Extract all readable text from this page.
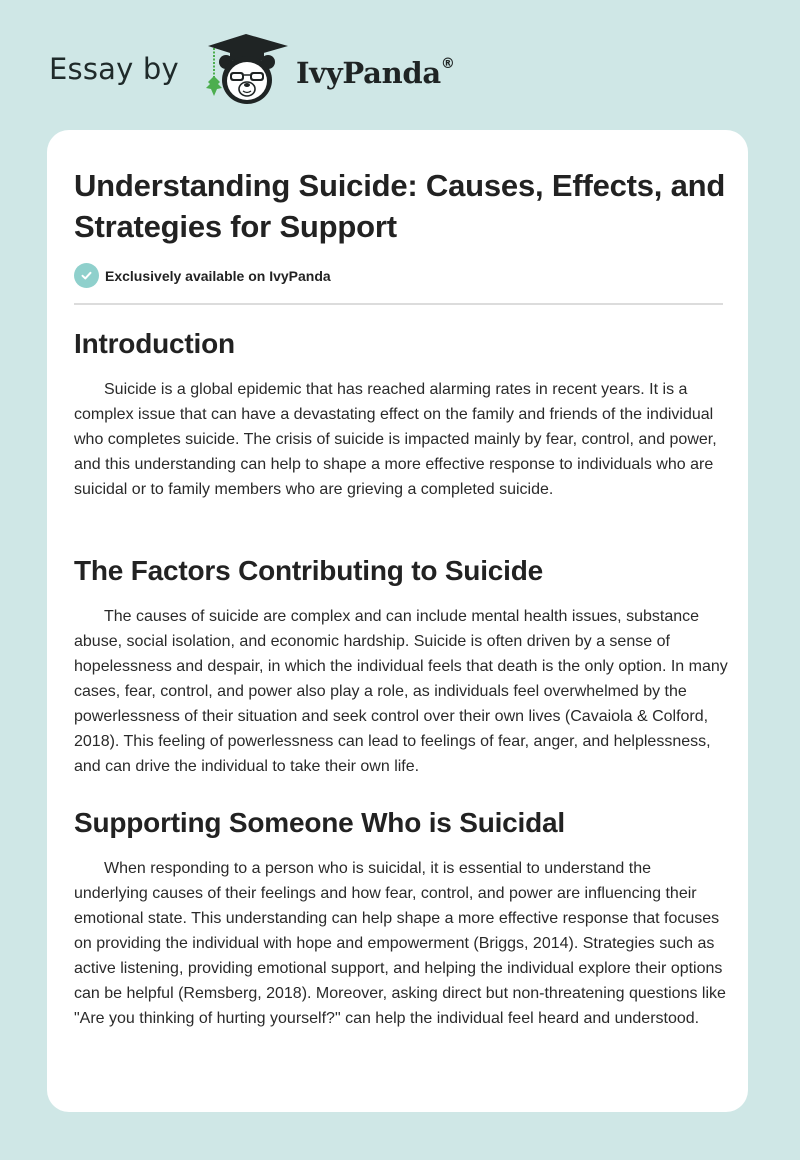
Essay by	IvyPanda®
Understanding Suicide: Causes, Effects, and Strategies for Support
Exclusively available on IvyPanda
Introduction

Suicide is a global epidemic that has reached alarming rates in recent years. It is a complex issue that can have a devastating effect on the family and friends of the individual who completes suicide. The crisis of suicide is impacted mainly by fear, control, and power, and this understanding can help to shape a more effective response to individuals who are suicidal or to family members who are grieving a completed suicide.

The Factors Contributing to Suicide

The causes of suicide are complex and can include mental health issues, substance abuse, social isolation, and economic hardship. Suicide is often driven by a sense of hopelessness and despair, in which the individual feels that death is the only option. In many cases, fear, control, and power also play a role, as individuals feel overwhelmed by the powerlessness of their situation and seek control over their own lives (Cavaiola & Colford, 2018). This feeling of powerlessness can lead to feelings of fear, anger, and helplessness, and can drive the individual to take their own life.

Supporting Someone Who is Suicidal

When responding to a person who is suicidal, it is essential to understand the underlying causes of their feelings and how fear, control, and power are influencing their emotional state. This understanding can help shape a more effective response that focuses on providing the individual with hope and empowerment (Briggs, 2014). Strategies such as active listening, providing emotional support, and helping the individual explore their options can be helpful (Remsberg, 2018). Moreover, asking direct but non-threatening questions like "Are you thinking of hurting yourself?" can help the individual feel heard and understood.
